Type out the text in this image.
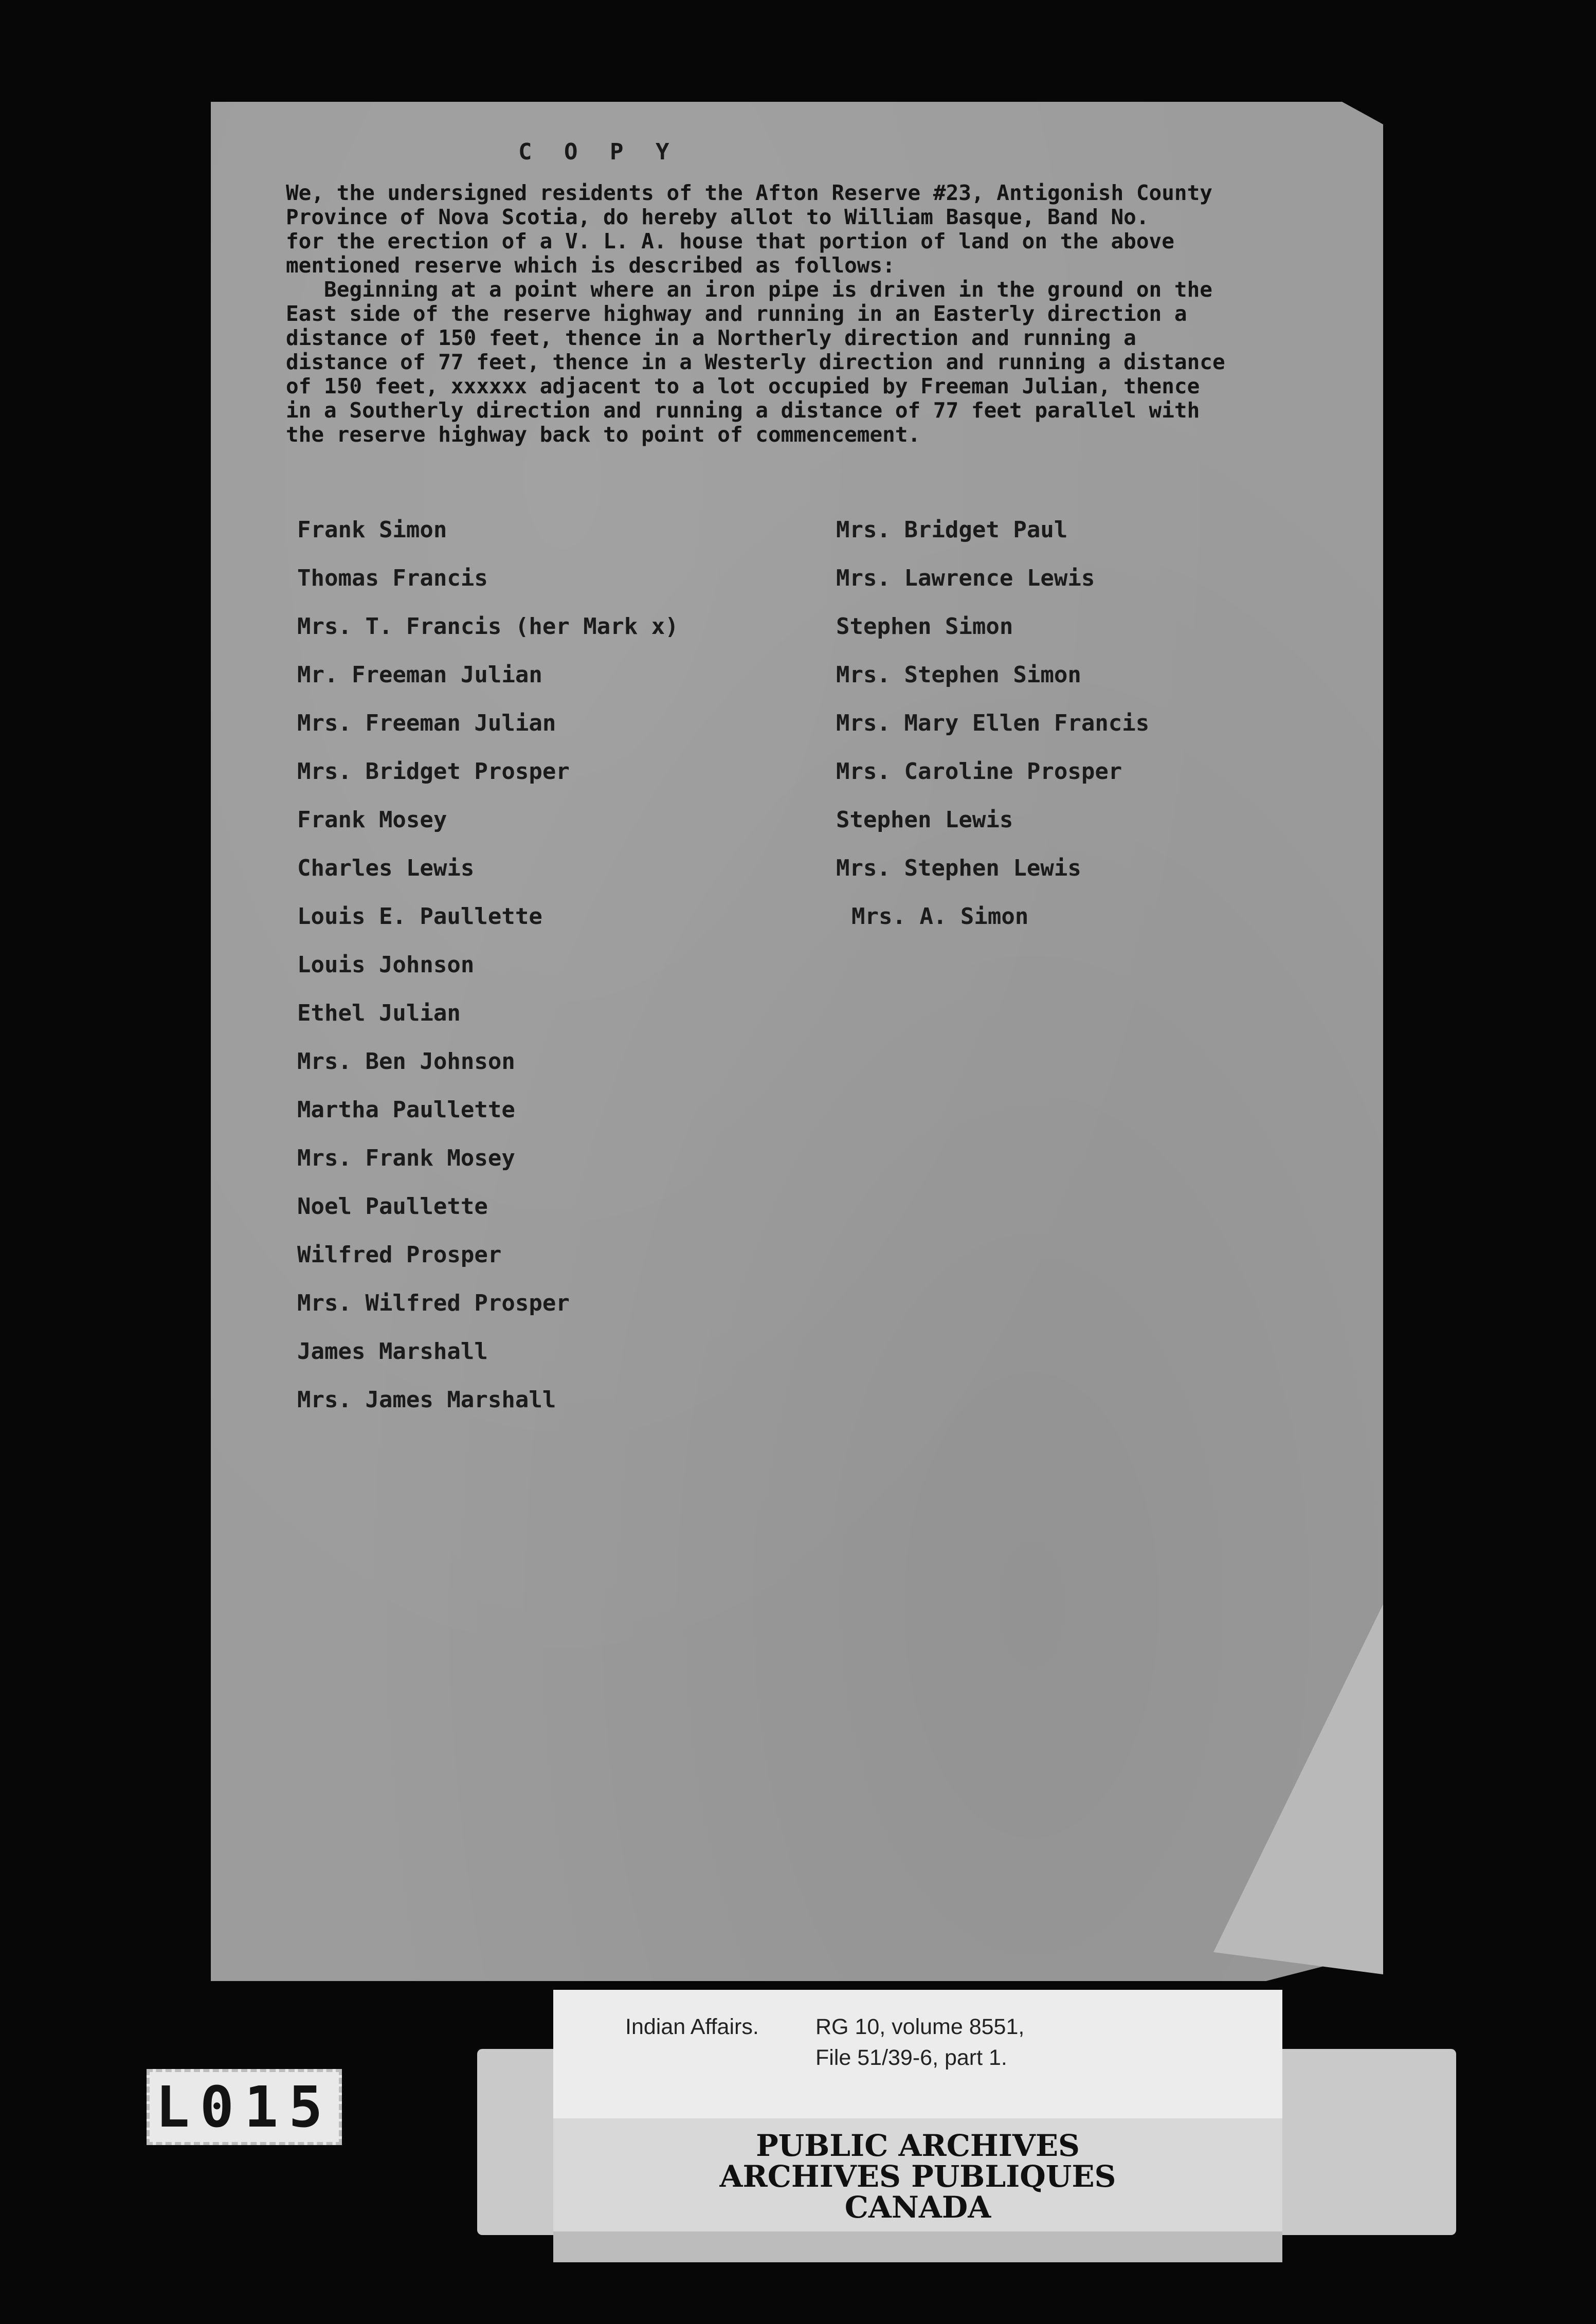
C O P Y
We, the undersigned residents of the Afton Reserve #23, Antigonish County
Province of Nova Scotia, do hereby allot to William Basque, Band No.
for the erection of a V. L. A. house that portion of land on the above
mentioned reserve which is described as follows:
Beginning at a point where an iron pipe is driven in the ground on the
East side of the reserve highway and running in an Easterly direction a
distance of 150 feet, thence in a Northerly direction and running a
distance of 77 feet, thence in a Westerly direction and running a distance
of 150 feet, xxxxxx adjacent to a lot occupied by Freeman Julian, thence
in a Southerly direction and running a distance of 77 feet parallel with
the reserve highway back to point of commencement.
Frank Simon
Thomas Francis
Mrs. T. Francis (her Mark x)
Mr. Freeman Julian
Mrs. Freeman Julian
Mrs. Bridget Prosper
Frank Mosey
Charles Lewis
Louis E. Paullette
Louis Johnson
Ethel Julian
Mrs. Ben Johnson
Martha Paullette
Mrs. Frank Mosey
Noel Paullette
Wilfred Prosper
Mrs. Wilfred Prosper
James Marshall
Mrs. James Marshall
Mrs. Bridget Paul
Mrs. Lawrence Lewis
Stephen Simon
Mrs. Stephen Simon
Mrs. Mary Ellen Francis
Mrs. Caroline Prosper
Stephen Lewis
Mrs. Stephen Lewis
Mrs. A. Simon
L015
Indian Affairs.	RG 10, volume 8551,
File 51/39-6, part 1.
PUBLIC ARCHIVES
ARCHIVES PUBLIQUES
CANADA
